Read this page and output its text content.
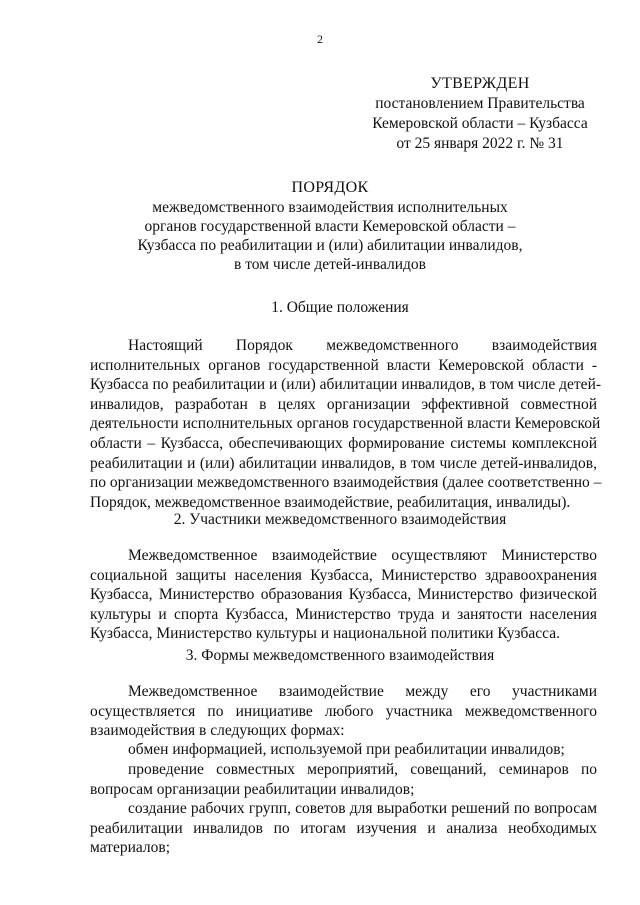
2
УТВЕРЖДЕН
постановлением Правительства
Кемеровской области – Кузбасса
от 25 января 2022 г. № 31
ПОРЯДОК
межведомственного взаимодействия исполнительных
органов государственной власти Кемеровской области –
Кузбасса по реабилитации и (или) абилитации инвалидов,
в том числе детей-инвалидов
1. Общие положения
Настоящий Порядок межведомственного взаимодействия
исполнительных органов государственной власти Кемеровской области -
Кузбасса по реабилитации и (или) абилитации инвалидов, в том числе детей-
инвалидов, разработан в целях организации эффективной совместной
деятельности исполнительных органов государственной власти Кемеровской
области – Кузбасса, обеспечивающих формирование системы комплексной
реабилитации и (или) абилитации инвалидов, в том числе детей-инвалидов,
по организации межведомственного взаимодействия (далее соответственно –
Порядок, межведомственное взаимодействие, реабилитация, инвалиды).
2. Участники межведомственного взаимодействия
Межведомственное взаимодействие осуществляют Министерство
социальной защиты населения Кузбасса, Министерство здравоохранения
Кузбасса, Министерство образования Кузбасса, Министерство физической
культуры и спорта Кузбасса, Министерство труда и занятости населения
Кузбасса, Министерство культуры и национальной политики Кузбасса.
3. Формы межведомственного взаимодействия
Межведомственное взаимодействие между его участниками
осуществляется по инициативе любого участника межведомственного
взаимодействия в следующих формах:
обмен информацией, используемой при реабилитации инвалидов;
проведение совместных мероприятий, совещаний, семинаров по
вопросам организации реабилитации инвалидов;
создание рабочих групп, советов для выработки решений по вопросам
реабилитации инвалидов по итогам изучения и анализа необходимых
материалов;
